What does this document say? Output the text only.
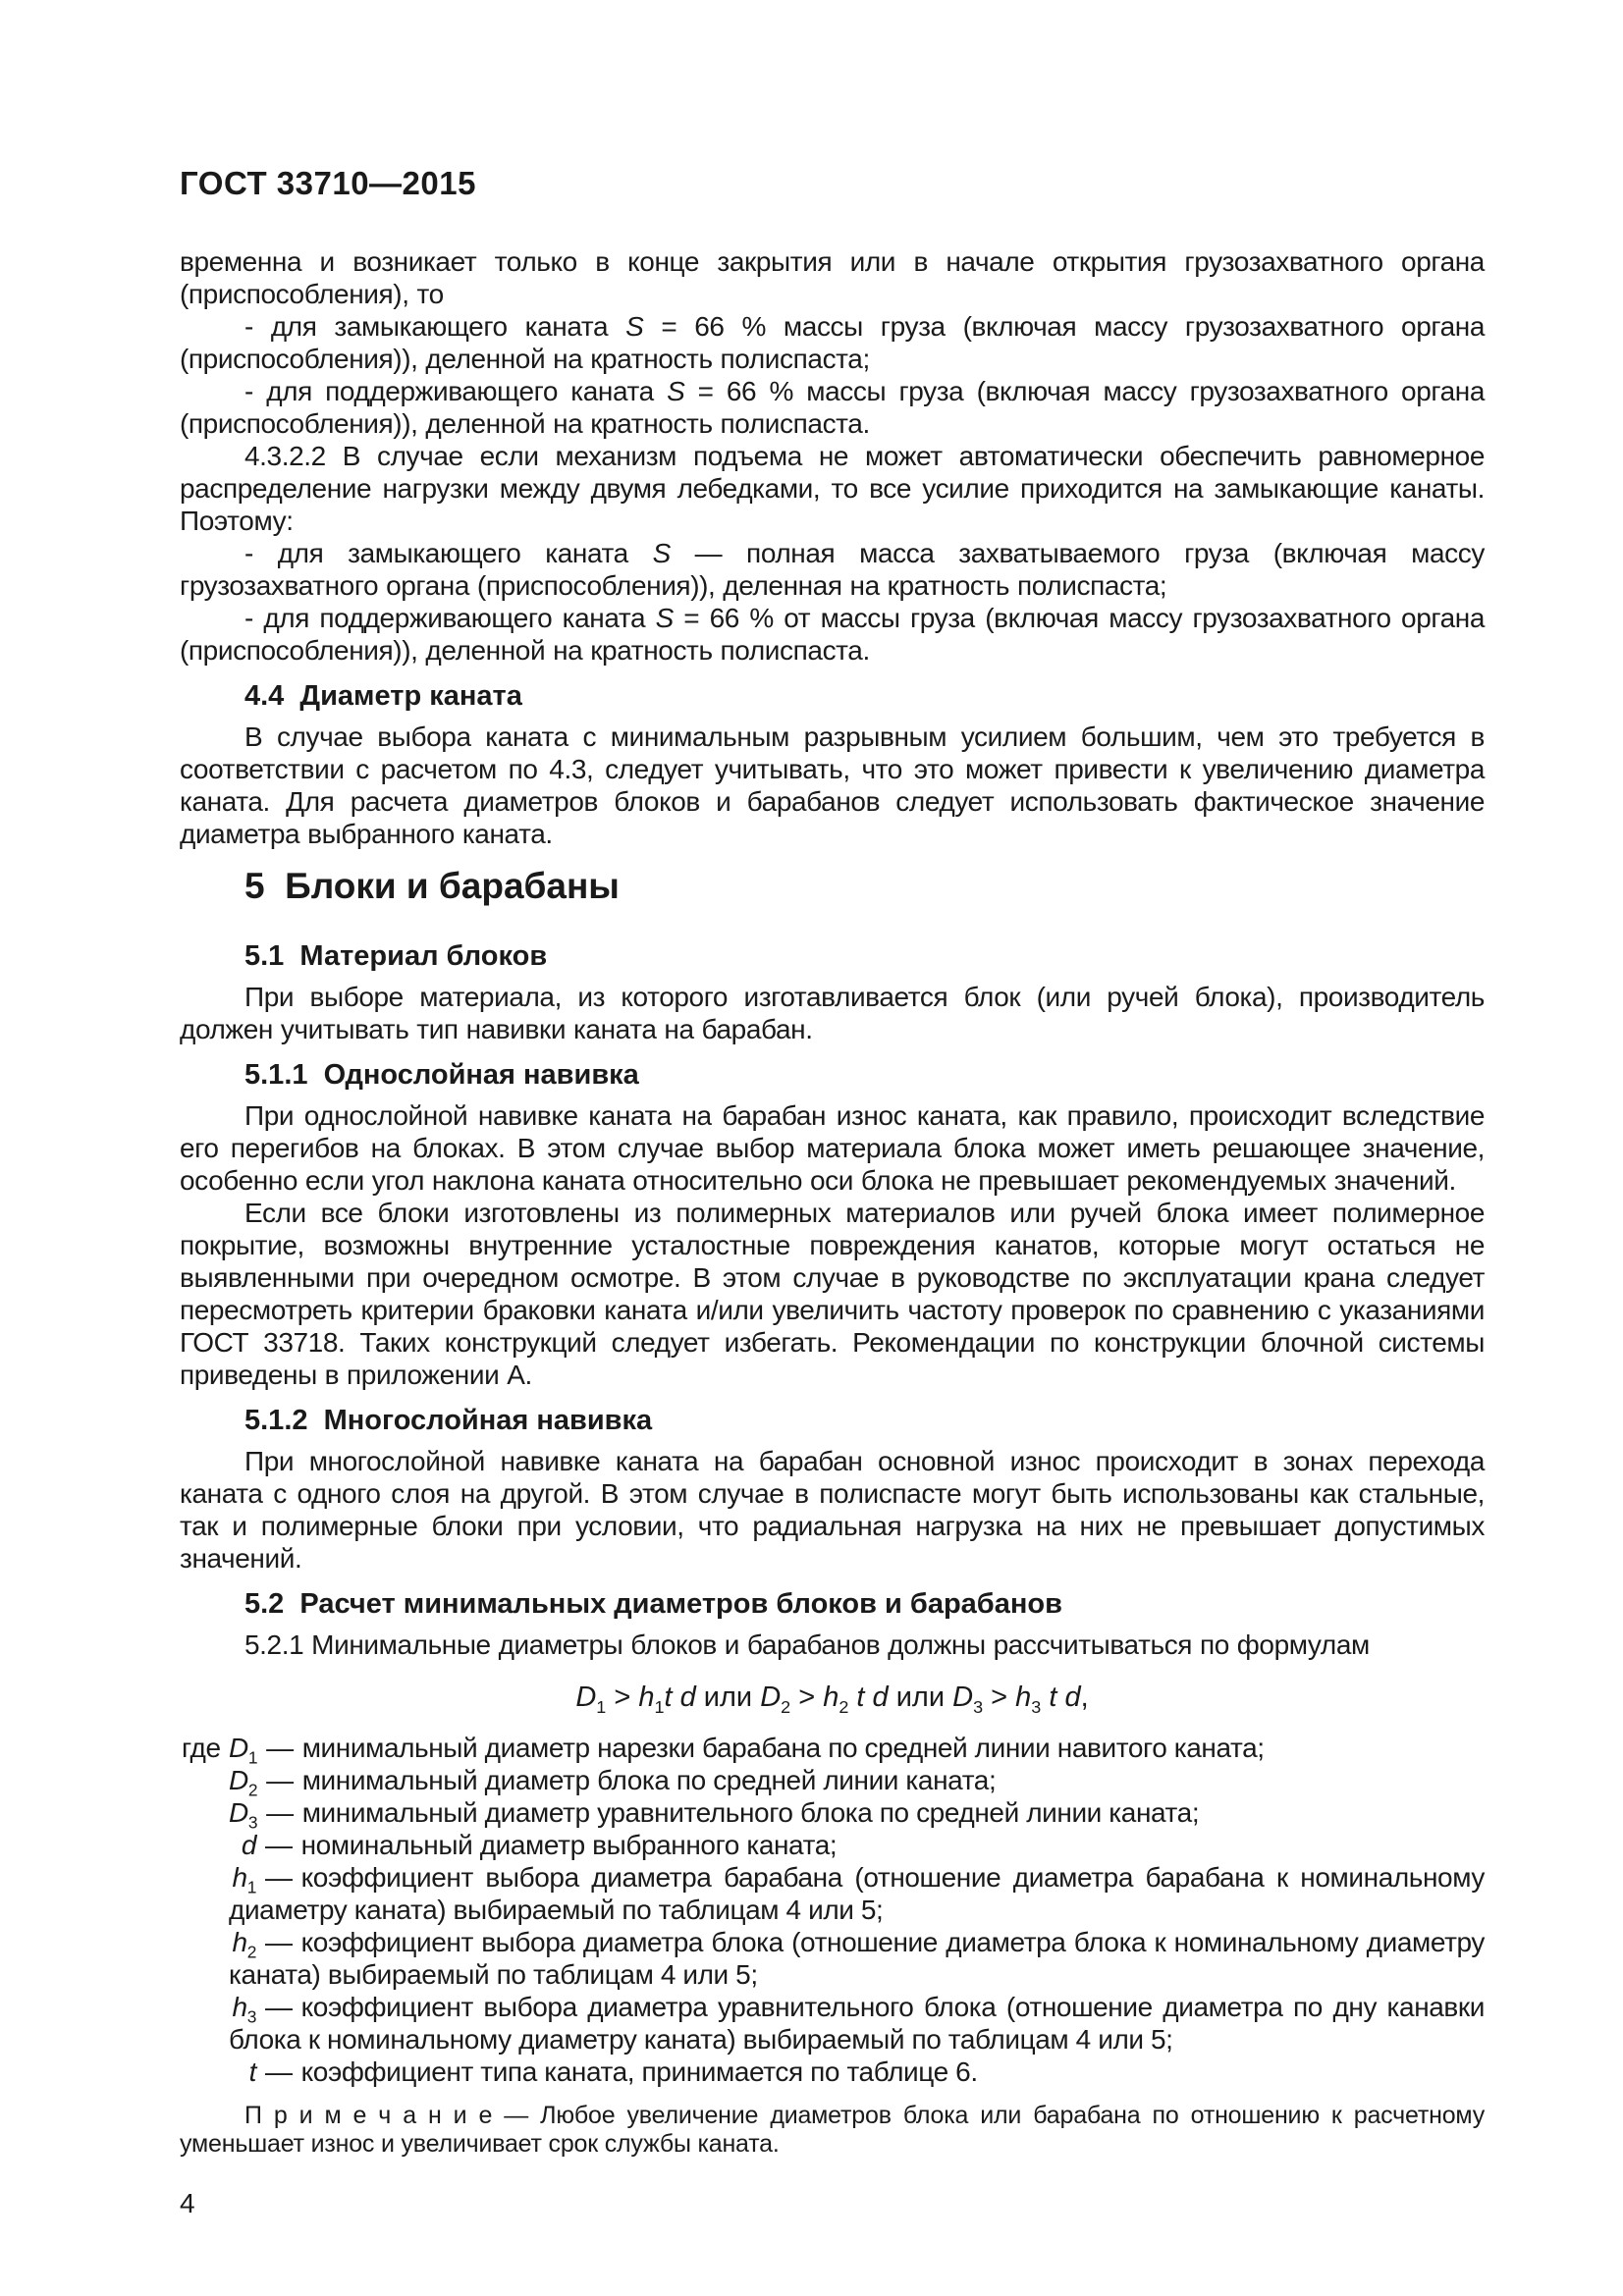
ГОСТ 33710—2015

временна и возникает только в конце закрытия или в начале открытия грузозахватного органа (приспособления), то

- для замыкающего каната S = 66 % массы груза (включая массу грузозахватного органа (приспособления)), деленной на кратность полиспаста;

- для поддерживающего каната S = 66 % массы груза (включая массу грузозахватного органа (приспособления)), деленной на кратность полиспаста.

4.3.2.2 В случае если механизм подъема не может автоматически обеспечить равномерное распределение нагрузки между двумя лебедками, то все усилие приходится на замыкающие канаты. Поэтому:

- для замыкающего каната S — полная масса захватываемого груза (включая массу грузозахватного органа (приспособления)), деленная на кратность полиспаста;

- для поддерживающего каната S = 66 % от массы груза (включая массу грузозахватного органа (приспособления)), деленной на кратность полиспаста.

4.4  Диаметр каната

В случае выбора каната с минимальным разрывным усилием большим, чем это требуется в соответствии с расчетом по 4.3, следует учитывать, что это может привести к увеличению диаметра каната. Для расчета диаметров блоков и барабанов следует использовать фактическое значение диаметра выбранного каната.

5  Блоки и барабаны
5.1  Материал блоков

При выборе материала, из которого изготавливается блок (или ручей блока), производитель должен учитывать тип навивки каната на барабан.

5.1.1  Однослойная навивка

При однослойной навивке каната на барабан износ каната, как правило, происходит вследствие его перегибов на блоках. В этом случае выбор материала блока может иметь решающее значение, особенно если угол наклона каната относительно оси блока не превышает рекомендуемых значений.

Если все блоки изготовлены из полимерных материалов или ручей блока имеет полимерное покрытие, возможны внутренние усталостные повреждения канатов, которые могут остаться не выявленными при очередном осмотре. В этом случае в руководстве по эксплуатации крана следует пересмотреть критерии браковки каната и/или увеличить частоту проверок по сравнению с указаниями ГОСТ 33718. Таких конструкций следует избегать. Рекомендации по конструкции блочной системы приведены в приложении А.

5.1.2  Многослойная навивка

При многослойной навивке каната на барабан основной износ происходит в зонах перехода каната с одного слоя на другой. В этом случае в полиспасте могут быть использованы как стальные, так и полимерные блоки при условии, что радиальная нагрузка на них не превышает допустимых значений.

5.2  Расчет минимальных диаметров блоков и барабанов

5.2.1 Минимальные диаметры блоков и барабанов должны рассчитываться по формулам

$D_1 > h_1t$ d или $D_2 > h_2$ t d или $D_3 > h_3$ t d,
где $D_1$ — минимальный диаметр нарезки барабана по средней линии навитого каната;
$D_2$ — минимальный диаметр блока по средней линии каната;
$D_3$ — минимальный диаметр уравнительного блока по средней линии каната;
d — номинальный диаметр выбранного каната;
$h_1$ — коэффициент выбора диаметра барабана (отношение диаметра барабана к номинальному диаметру каната) выбираемый по таблицам 4 или 5;
$h_2$ — коэффициент выбора диаметра блока (отношение диаметра блока к номинальному диаметру каната) выбираемый по таблицам 4 или 5;
$h_3$ — коэффициент выбора диаметра уравнительного блока (отношение диаметра по дну канавки блока к номинальному диаметру каната) выбираемый по таблицам 4 или 5;
t — коэффициент типа каната, принимается по таблице 6.
П р и м е ч а н и е — Любое увеличение диаметров блока или барабана по отношению к расчетному уменьшает износ и увеличивает срок службы каната.
4
